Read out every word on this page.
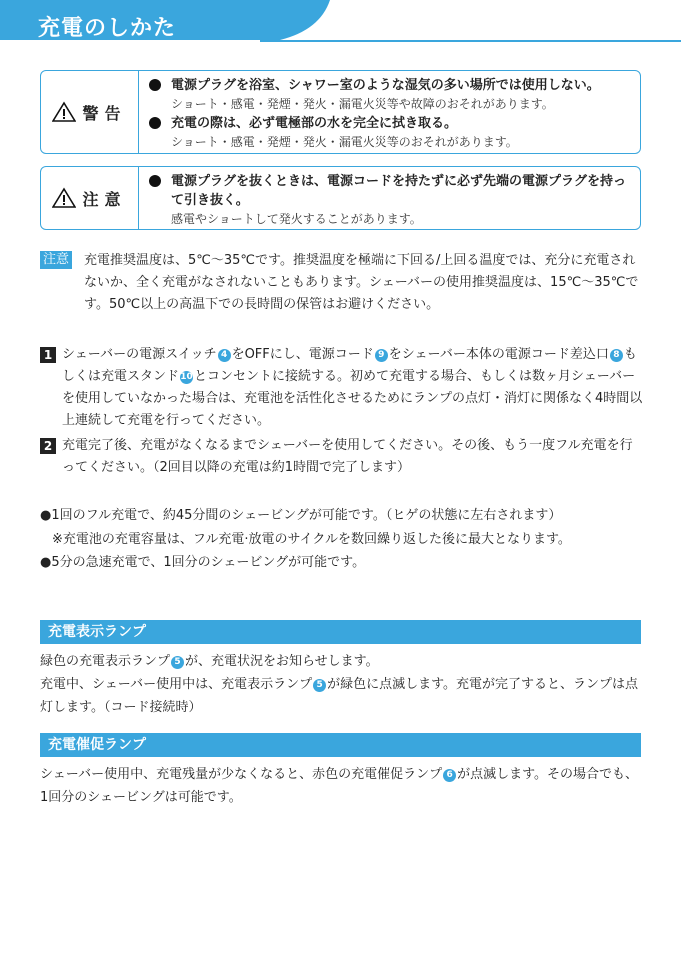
充電のしかた
警告
電源プラグを浴室、シャワー室のような湿気の多い場所では使用しない。
ショート・感電・発煙・発火・漏電火災等や故障のおそれがあります。
充電の際は、必ず電極部の水を完全に拭き取る。
ショート・感電・発煙・発火・漏電火災等のおそれがあります。
注意
電源プラグを抜くときは、電源コードを持たずに必ず先端の電源プラグを持って引き抜く。
感電やショートして発火することがあります。
注意	充電推奨温度は、5℃〜35℃です。推奨温度を極端に下回る/上回る温度では、充分に充電されないか、全く充電がなされないこともあります。シェーバーの使用推奨温度は、15℃〜35℃です。50℃以上の高温下での長時間の保管はお避けください。
1 シェーバーの電源スイッチ 4 をOFFにし、電源コード 9 をシェーバー本体の電源コード差込口 8 もしくは充電スタンド10とコンセントに接続する。初めて充電する場合、もしくは数ヶ月シェーバーを使用していなかった場合は、充電池を活性化させるためにランプの点灯・消灯に関係なく4時間以上連続して充電を行ってください。
2 充電完了後、充電がなくなるまでシェーバーを使用してください。その後、もう一度フル充電を行ってください。（2回目以降の充電は約1時間で完了します）
●1回のフル充電で、約45分間のシェービングが可能です。（ヒゲの状態に左右されます）
※充電池の充電容量は、フル充電·放電のサイクルを数回繰り返した後に最大となります。
●5分の急速充電で、1回分のシェービングが可能です。
充電表示ランプ
緑色の充電表示ランプ 5 が、充電状況をお知らせします。
充電中、シェーバー使用中は、充電表示ランプ 5 が緑色に点滅します。充電が完了すると、ランプは点灯します。（コード接続時）
充電催促ランプ
シェーバー使用中、充電残量が少なくなると、赤色の充電催促ランプ 6 が点滅します。その場合でも、1回分のシェービングは可能です。
